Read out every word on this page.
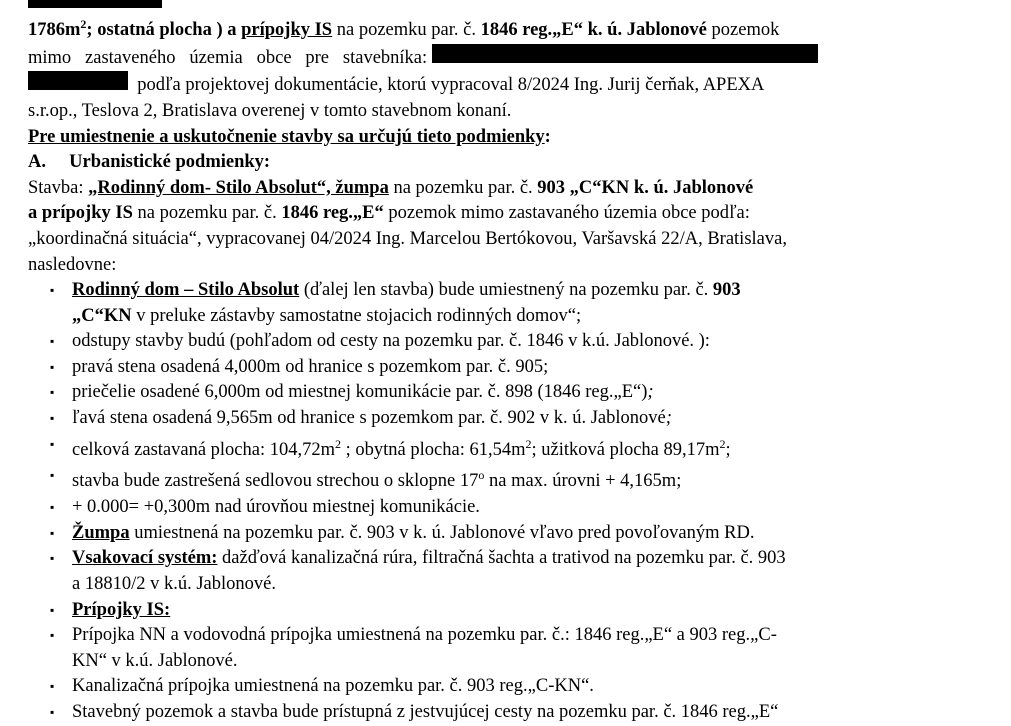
$1786m^2$; ostatná plocha ) a prípojky IS na pozemku par. č. 1846 reg.„E“ k. ú. Jablonové pozemok
mimo   zastaveného   územia   obce   pre   stavebníka:
podľa projektovej dokumentácie, ktorú vypracoval 8/2024 Ing. Jurij čerňak, APEXA
s.r.op., Teslova 2, Bratislava overenej v tomto stavebnom konaní.
Pre umiestnenie a uskutočnenie stavby sa určujú tieto podmienky:
A. Urbanistické podmienky:
Stavba: „Rodinný dom- Stilo Absolut“, žumpa na pozemku par. č. 903 „C“KN k. ú. Jablonové
a prípojky IS na pozemku par. č. 1846 reg.„E“ pozemok mimo zastavaného územia obce podľa:
„koordinačná situácia“, vypracovanej 04/2024 Ing. Marcelou Bertókovou, Varšavská 22/A, Bratislava,
nasledovne:
▪ Rodinný dom – Stilo Absolut (ďalej len stavba) bude umiestnený na pozemku par. č. 903
„C“KN v preluke zástavby samostatne stojacich rodinných domov“;
▪ odstupy stavby budú (pohľadom od cesty na pozemku par. č. 1846 v k.ú. Jablonové. ):
▪ pravá stena osadená 4,000m od hranice s pozemkom par. č. 905;
▪ priečelie osadené 6,000m od miestnej komunikácie par. č. 898 (1846 reg.„E“);
▪ ľavá stena osadená 9,565m od hranice s pozemkom par. č. 902 v k. ú. Jablonové;
▪ celková zastavaná plocha: $104,72m^2$ ; obytná plocha: $61,54m^2$; užitková plocha $89,17m^2$;
▪ stavba bude zastrešená sedlovou strechou o sklopne 17$^o$ na max. úrovni + 4,165m;
▪ + 0.000= +0,300m nad úrovňou miestnej komunikácie.
▪ Žumpa umiestnená na pozemku par. č. 903 v k. ú. Jablonové vľavo pred povoľovaným RD.
▪ Vsakovací systém: dažďová kanalizačná rúra, filtračná šachta a trativod na pozemku par. č. 903
a 18810/2 v k.ú. Jablonové.
▪ Prípojky IS:
▪ Prípojka NN a vodovodná prípojka umiestnená na pozemku par. č.: 1846 reg.„E“ a 903 reg.„C-
KN“ v k.ú. Jablonové.
▪ Kanalizačná prípojka umiestnená na pozemku par. č. 903 reg.„C-KN“.
▪ Stavebný pozemok a stavba bude prístupná z jestvujúcej cesty na pozemku par. č. 1846 reg.„E“
